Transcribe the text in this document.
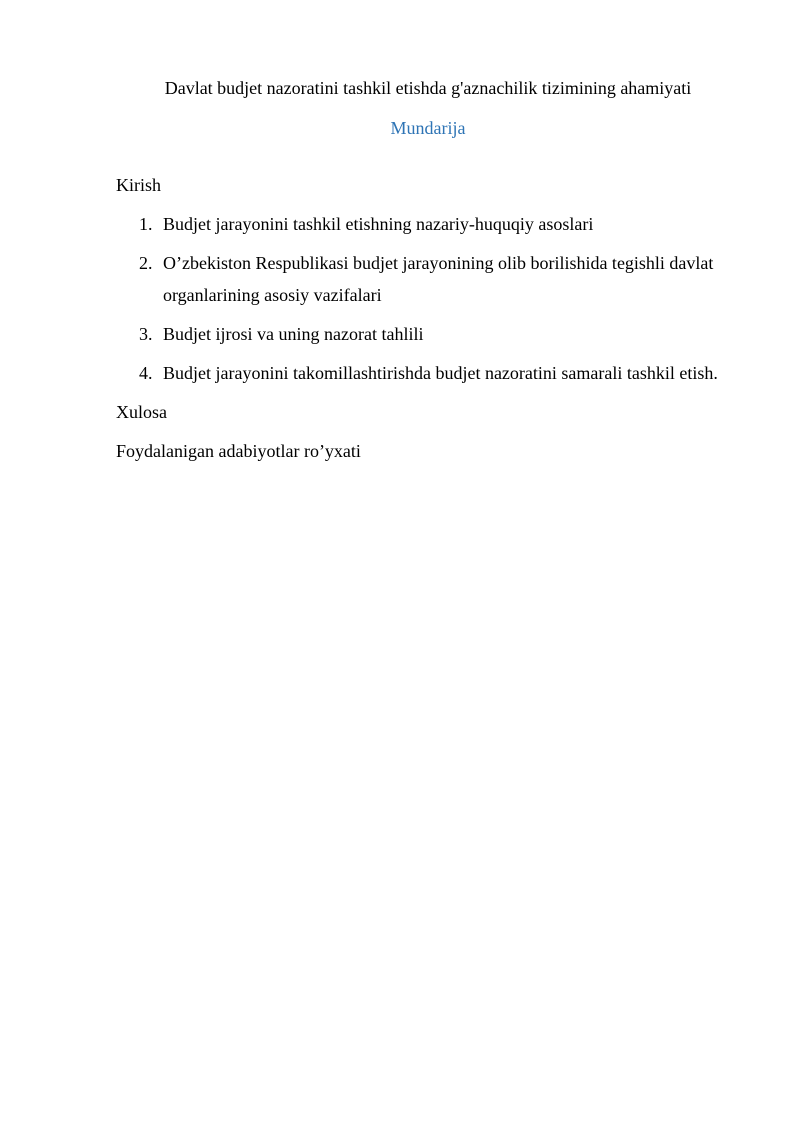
Davlat budjet nazoratini tashkil etishda g'aznachilik tizimining ahamiyati
Mundarija
Kirish
1. Budjet jarayonini tashkil etishning nazariy-huquqiy asoslari
2. O’zbekiston Respublikasi budjet jarayonining olib borilishida tegishli davlat
organlarining asosiy vazifalari
3. Budjet ijrosi va uning nazorat tahlili
4. Budjet jarayonini takomillashtirishda budjet nazoratini samarali tashkil etish.
Xulosa
Foydalanigan adabiyotlar ro’yxati
